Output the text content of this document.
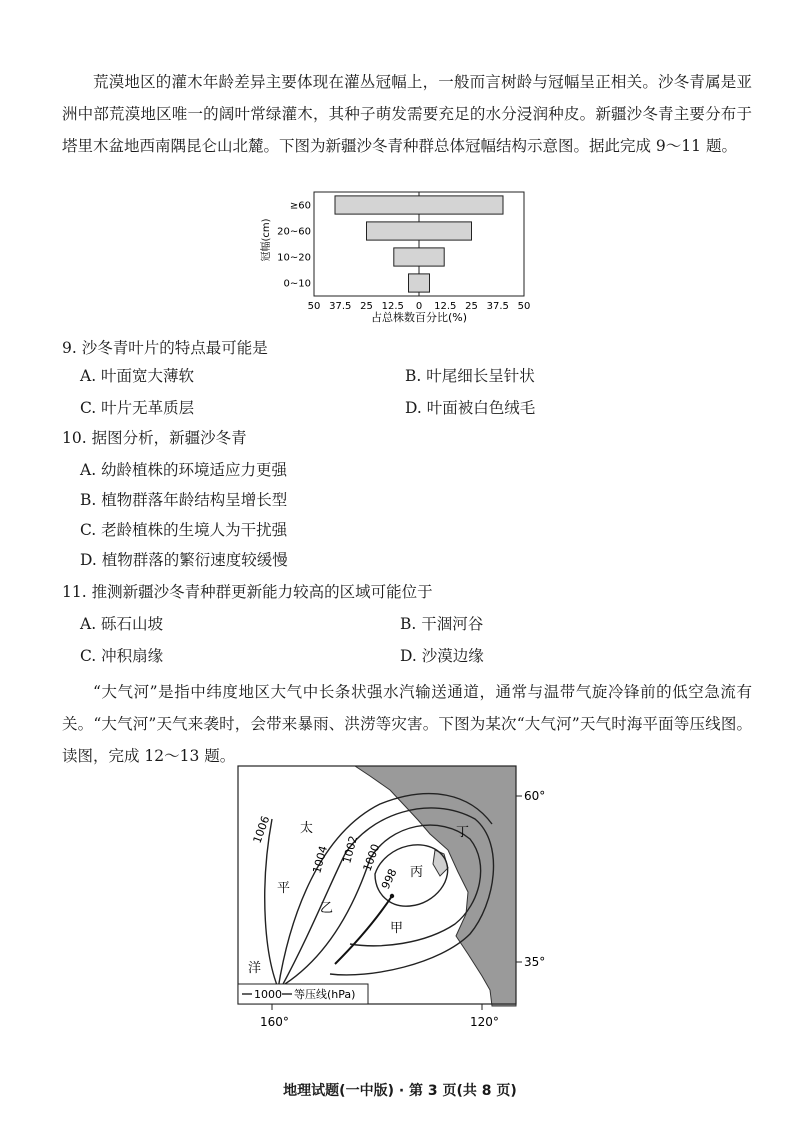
荒漠地区的灌木年龄差异主要体现在灌丛冠幅上，一般而言树龄与冠幅呈正相关。沙冬青属是亚洲中部荒漠地区唯一的阔叶常绿灌木，其种子萌发需要充足的水分浸润种皮。新疆沙冬青主要分布于塔里木盆地西南隅昆仑山北麓。下图为新疆沙冬青种群总体冠幅结构示意图。据此完成 9～11 题。

≥60
20~60
10~20
0~10
50 37.5 25 12.5 0 12.5 25 37.5 50
冠幅(cm)
占总株数百分比(%)

9. 沙冬青叶片的特点最可能是

A. 叶面宽大薄软	B. 叶尾细长呈针状

C. 叶片无革质层	D. 叶面被白色绒毛

10. 据图分析，新疆沙冬青

A. 幼龄植株的环境适应力更强

B. 植物群落年龄结构呈增长型

C. 老龄植株的生境人为干扰强

D. 植物群落的繁衍速度较缓慢

11. 推测新疆沙冬青种群更新能力较高的区域可能位于

A. 砾石山坡	B. 干涸河谷

C. 冲积扇缘	D. 沙漠边缘

“大气河”是指中纬度地区大气中长条状强水汽输送通道，通常与温带气旋冷锋前的低空急流有关。“大气河”天气来袭时，会带来暴雨、洪涝等灾害。下图为某次“大气河”天气时海平面等压线图。读图，完成 12～13 题。

1006
1004 1002 1000
998
太
平
洋
乙
丙
甲
丁
60°
35°
160°	120°
1000 等压线(hPa)
地理试题(一中版) · 第 3 页(共 8 页)
